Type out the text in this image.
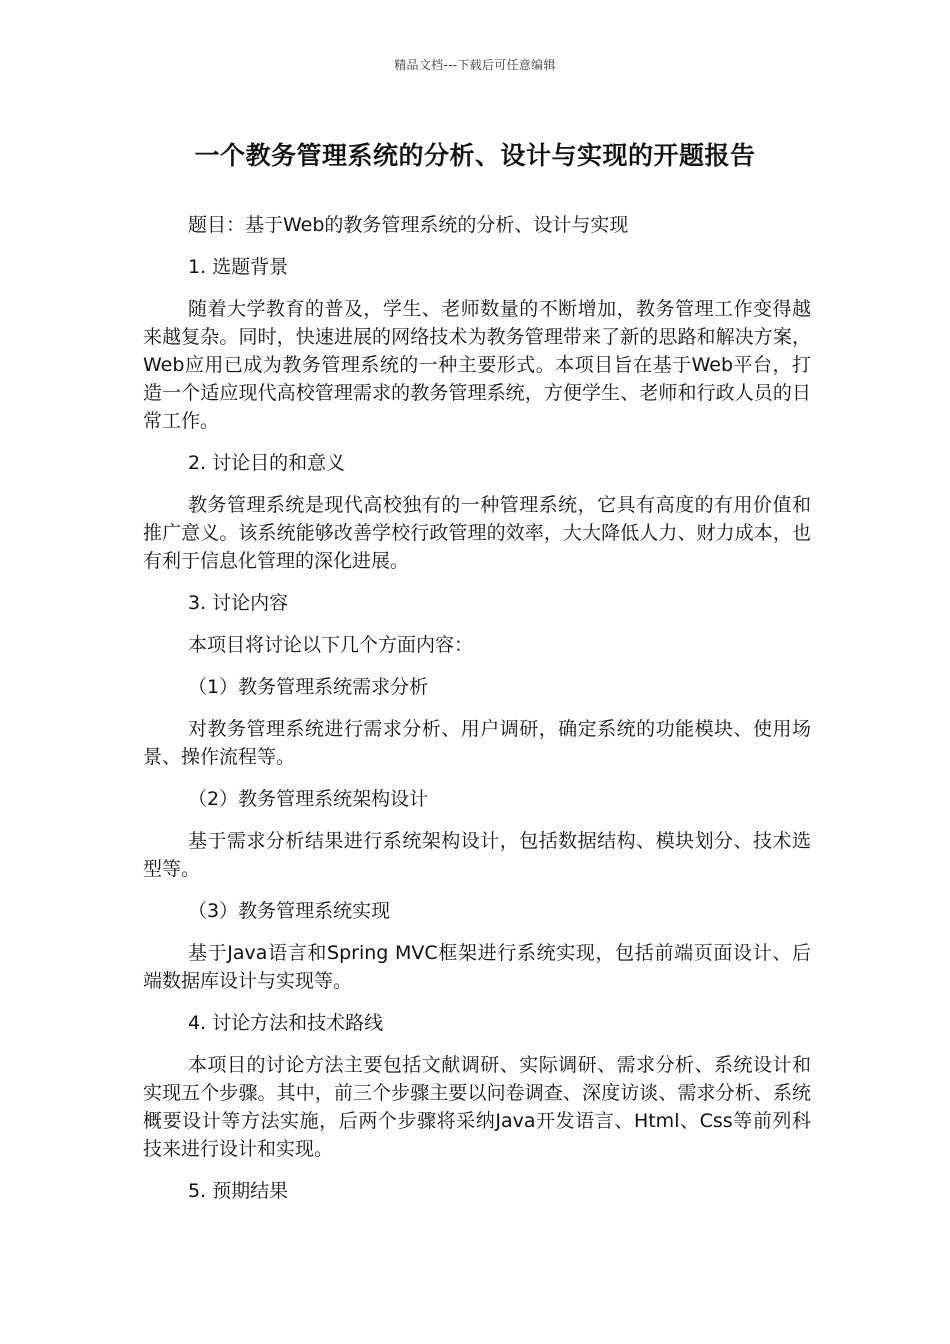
精品文档---下载后可任意编辑
一个教务管理系统的分析、设计与实现的开题报告

题目：基于Web的教务管理系统的分析、设计与实现

1. 选题背景

随着大学教育的普及，学生、老师数量的不断增加，教务管理工作变得越来越复杂。同时，快速进展的网络技术为教务管理带来了新的思路和解决方案，Web应用已成为教务管理系统的一种主要形式。本项目旨在基于Web平台，打造一个适应现代高校管理需求的教务管理系统，方便学生、老师和行政人员的日常工作。

2. 讨论目的和意义

教务管理系统是现代高校独有的一种管理系统，它具有高度的有用价值和推广意义。该系统能够改善学校行政管理的效率，大大降低人力、财力成本，也有利于信息化管理的深化进展。

3. 讨论内容

本项目将讨论以下几个方面内容：

（1）教务管理系统需求分析

对教务管理系统进行需求分析、用户调研，确定系统的功能模块、使用场景、操作流程等。

（2）教务管理系统架构设计

基于需求分析结果进行系统架构设计，包括数据结构、模块划分、技术选型等。

（3）教务管理系统实现

基于Java语言和Spring MVC框架进行系统实现，包括前端页面设计、后端数据库设计与实现等。

4. 讨论方法和技术路线

本项目的讨论方法主要包括文献调研、实际调研、需求分析、系统设计和实现五个步骤。其中，前三个步骤主要以问卷调查、深度访谈、需求分析、系统概要设计等方法实施，后两个步骤将采纳Java开发语言、Html、Css等前列科技来进行设计和实现。

5. 预期结果
